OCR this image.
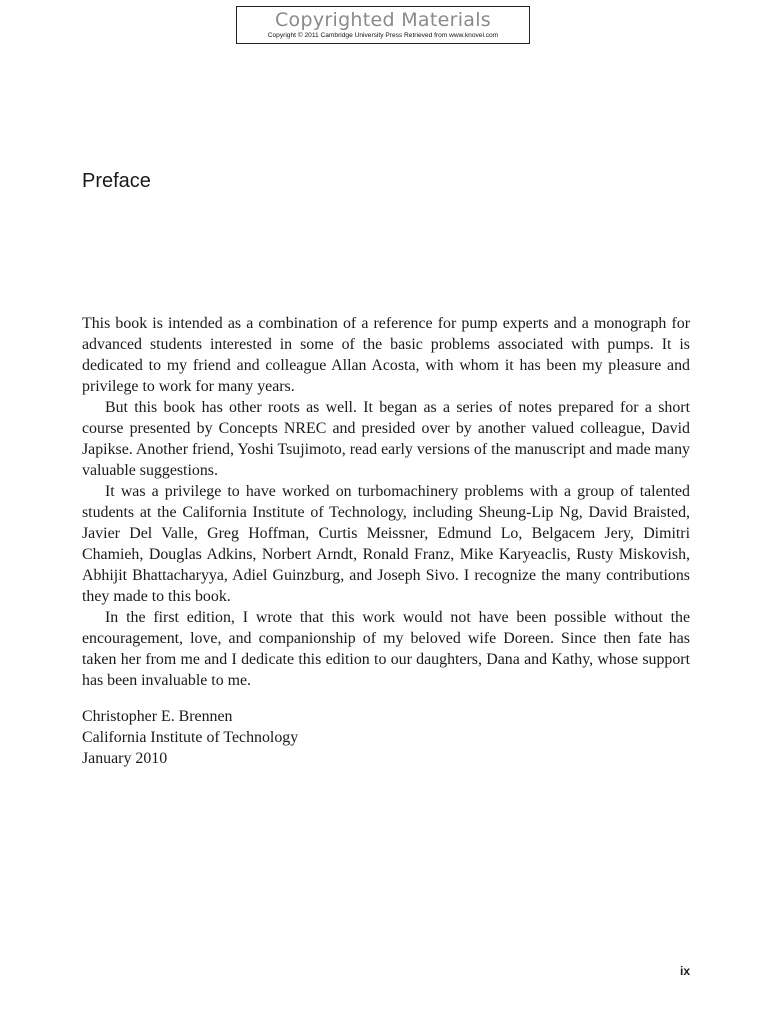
Copyrighted Materials
Copyright © 2011 Cambridge University Press Retrieved from www.knovel.com
Preface

This book is intended as a combination of a reference for pump experts and a monograph for advanced students interested in some of the basic problems associated with pumps. It is dedicated to my friend and colleague Allan Acosta, with whom it has been my pleasure and privilege to work for many years.

But this book has other roots as well. It began as a series of notes prepared for a short course presented by Concepts NREC and presided over by another valued colleague, David Japikse. Another friend, Yoshi Tsujimoto, read early versions of the manuscript and made many valuable suggestions.

It was a privilege to have worked on turbomachinery problems with a group of talented students at the California Institute of Technology, including Sheung-Lip Ng, David Braisted, Javier Del Valle, Greg Hoffman, Curtis Meissner, Edmund Lo, Belgacem Jery, Dimitri Chamieh, Douglas Adkins, Norbert Arndt, Ronald Franz, Mike Karyeaclis, Rusty Miskovish, Abhijit Bhattacharyya, Adiel Guinzburg, and Joseph Sivo. I recognize the many contributions they made to this book.

In the first edition, I wrote that this work would not have been possible without the encouragement, love, and companionship of my beloved wife Doreen. Since then fate has taken her from me and I dedicate this edition to our daughters, Dana and Kathy, whose support has been invaluable to me.

Christopher E. Brennen
California Institute of Technology
January 2010
ix
